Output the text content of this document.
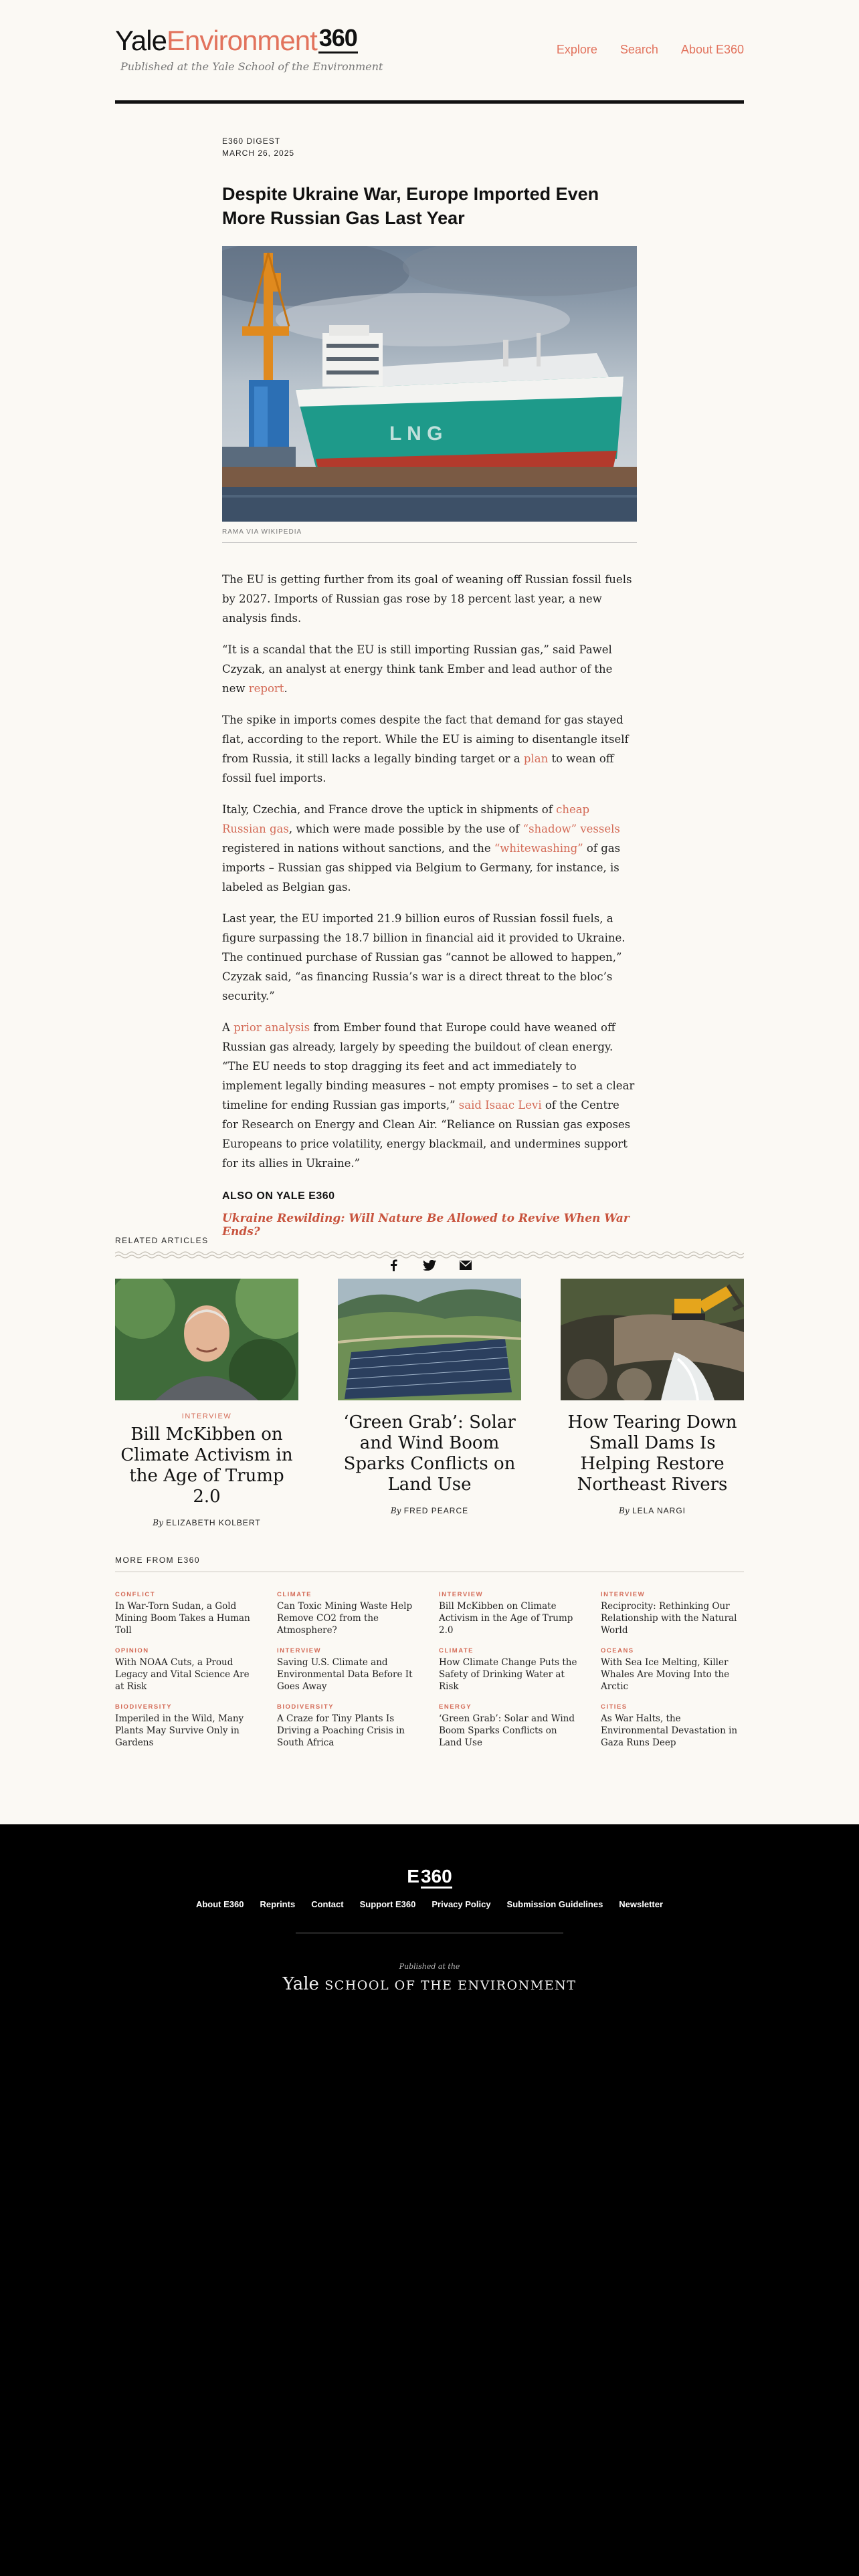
YaleEnvironment360
Published at the Yale School of the Environment
Explore Search About E360
E360 DIGEST
MARCH 26, 2025
Despite Ukraine War, Europe Imported Even More Russian Gas Last Year
L N G
RAMA VIA WIKIPEDIA

The EU is getting further from its goal of weaning off Russian fossil fuels by 2027. Imports of Russian gas rose by 18 percent last year, a new analysis finds.

“It is a scandal that the EU is still importing Russian gas,” said Pawel Czyzak, an analyst at energy think tank Ember and lead author of the new report.

The spike in imports comes despite the fact that demand for gas stayed flat, according to the report. While the EU is aiming to disentangle itself from Russia, it still lacks a legally binding target or a plan to wean off fossil fuel imports.

Italy, Czechia, and France drove the uptick in shipments of cheap Russian gas, which were made possible by the use of “shadow” vessels registered in nations without sanctions, and the “whitewashing” of gas imports – Russian gas shipped via Belgium to Germany, for instance, is labeled as Belgian gas.

Last year, the EU imported 21.9 billion euros of Russian fossil fuels, a figure surpassing the 18.7 billion in financial aid it provided to Ukraine. The continued purchase of Russian gas “cannot be allowed to happen,” Czyzak said, “as financing Russia’s war is a direct threat to the bloc’s security.”

A prior analysis from Ember found that Europe could have weaned off Russian gas already, largely by speeding the buildout of clean energy. “The EU needs to stop dragging its feet and act immediately to implement legally binding measures – not empty promises – to set a clear timeline for ending Russian gas imports,” said Isaac Levi of the Centre for Research on Energy and Clean Air. “Reliance on Russian gas exposes Europeans to price volatility, energy blackmail, and undermines support for its allies in Ukraine.”

ALSO ON YALE E360
Ukraine Rewilding: Will Nature Be Allowed to Revive When War Ends?
RELATED ARTICLES
INTERVIEW
Bill McKibben on Climate Activism in the Age of Trump 2.0
By ELIZABETH KOLBERT
‘Green Grab’: Solar and Wind Boom Sparks Conflicts on Land Use
By FRED PEARCE
How Tearing Down Small Dams Is Helping Restore Northeast Rivers
By LELA NARGI
MORE FROM E360
CONFLICT
In War-Torn Sudan, a Gold Mining Boom Takes a Human Toll
OPINION
With NOAA Cuts, a Proud Legacy and Vital Science Are at Risk
BIODIVERSITY
Imperiled in the Wild, Many Plants May Survive Only in Gardens
CLIMATE
Can Toxic Mining Waste Help Remove CO2 from the Atmosphere?
INTERVIEW
Saving U.S. Climate and Environmental Data Before It Goes Away
BIODIVERSITY
A Craze for Tiny Plants Is Driving a Poaching Crisis in South Africa
INTERVIEW
Bill McKibben on Climate Activism in the Age of Trump 2.0
CLIMATE
How Climate Change Puts the Safety of Drinking Water at Risk
ENERGY
‘Green Grab’: Solar and Wind Boom Sparks Conflicts on Land Use
INTERVIEW
Reciprocity: Rethinking Our Relationship with the Natural World
OCEANS
With Sea Ice Melting, Killer Whales Are Moving Into the Arctic
CITIES
As War Halts, the Environmental Devastation in Gaza Runs Deep
E360
About E360 Reprints Contact Support E360 Privacy Policy Submission Guidelines Newsletter
Published at the
Yale SCHOOL OF THE ENVIRONMENT
